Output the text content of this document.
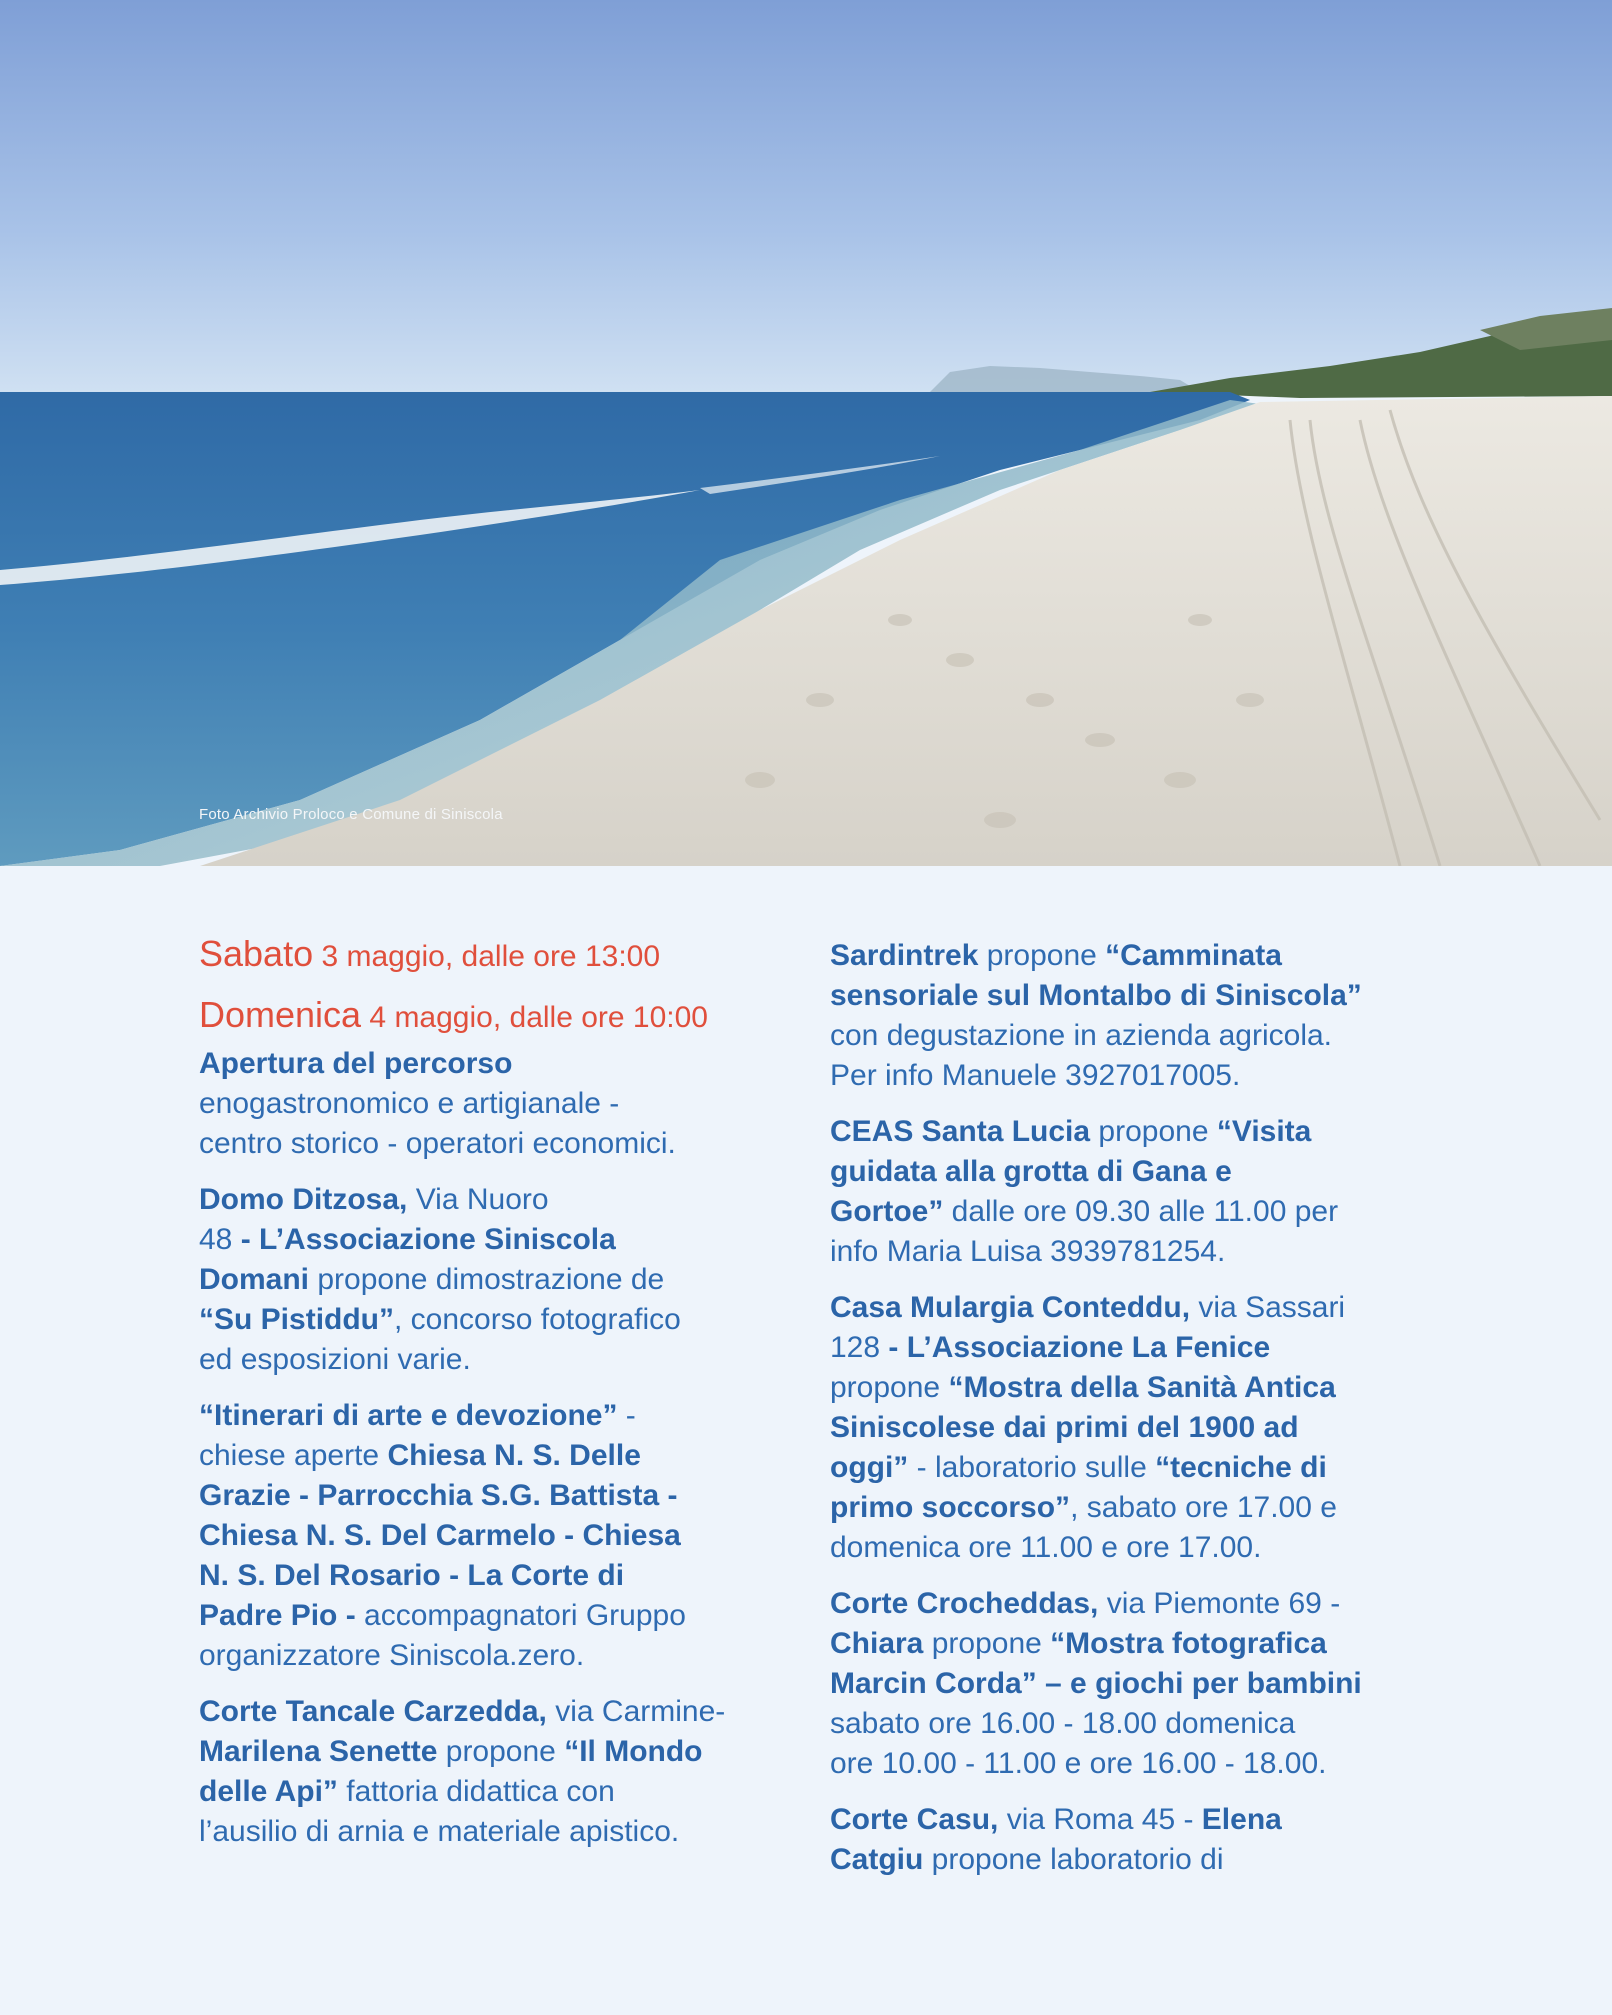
Foto Archivio Proloco e Comune di Siniscola

Sabato 3 maggio, dalle ore 13:00

Domenica 4 maggio, dalle ore 10:00

Apertura del percorso
enogastronomico e artigianale -
centro storico - operatori economici.

Domo Ditzosa, Via Nuoro
48 - L’Associazione Siniscola
Domani propone dimostrazione de
“Su Pistiddu”, concorso fotografico
ed esposizioni varie.

“Itinerari di arte e devozione” -
chiese aperte Chiesa N. S. Delle
Grazie - Parrocchia S.G. Battista -
Chiesa N. S. Del Carmelo - Chiesa
N. S. Del Rosario - La Corte di
Padre Pio - accompagnatori Gruppo
organizzatore Siniscola.zero.

Corte Tancale Carzedda, via Carmine-
Marilena Senette propone “Il Mondo
delle Api” fattoria didattica con
l’ausilio di arnia e materiale apistico.

Sardintrek propone “Camminata
sensoriale sul Montalbo di Siniscola”
con degustazione in azienda agricola.
Per info Manuele 3927017005.

CEAS Santa Lucia propone “Visita
guidata alla grotta di Gana e
Gortoe” dalle ore 09.30 alle 11.00 per
info Maria Luisa 3939781254.

Casa Mulargia Conteddu, via Sassari
128 - L’Associazione La Fenice
propone “Mostra della Sanità Antica
Siniscolese dai primi del 1900 ad
oggi” - laboratorio sulle “tecniche di
primo soccorso”, sabato ore 17.00 e
domenica ore 11.00 e ore 17.00.

Corte Crocheddas, via Piemonte 69 -
Chiara propone “Mostra fotografica
Marcin Corda” – e giochi per bambini
sabato ore 16.00 - 18.00 domenica
ore 10.00 - 11.00 e ore 16.00 - 18.00.

Corte Casu, via Roma 45 - Elena
Catgiu propone laboratorio di
